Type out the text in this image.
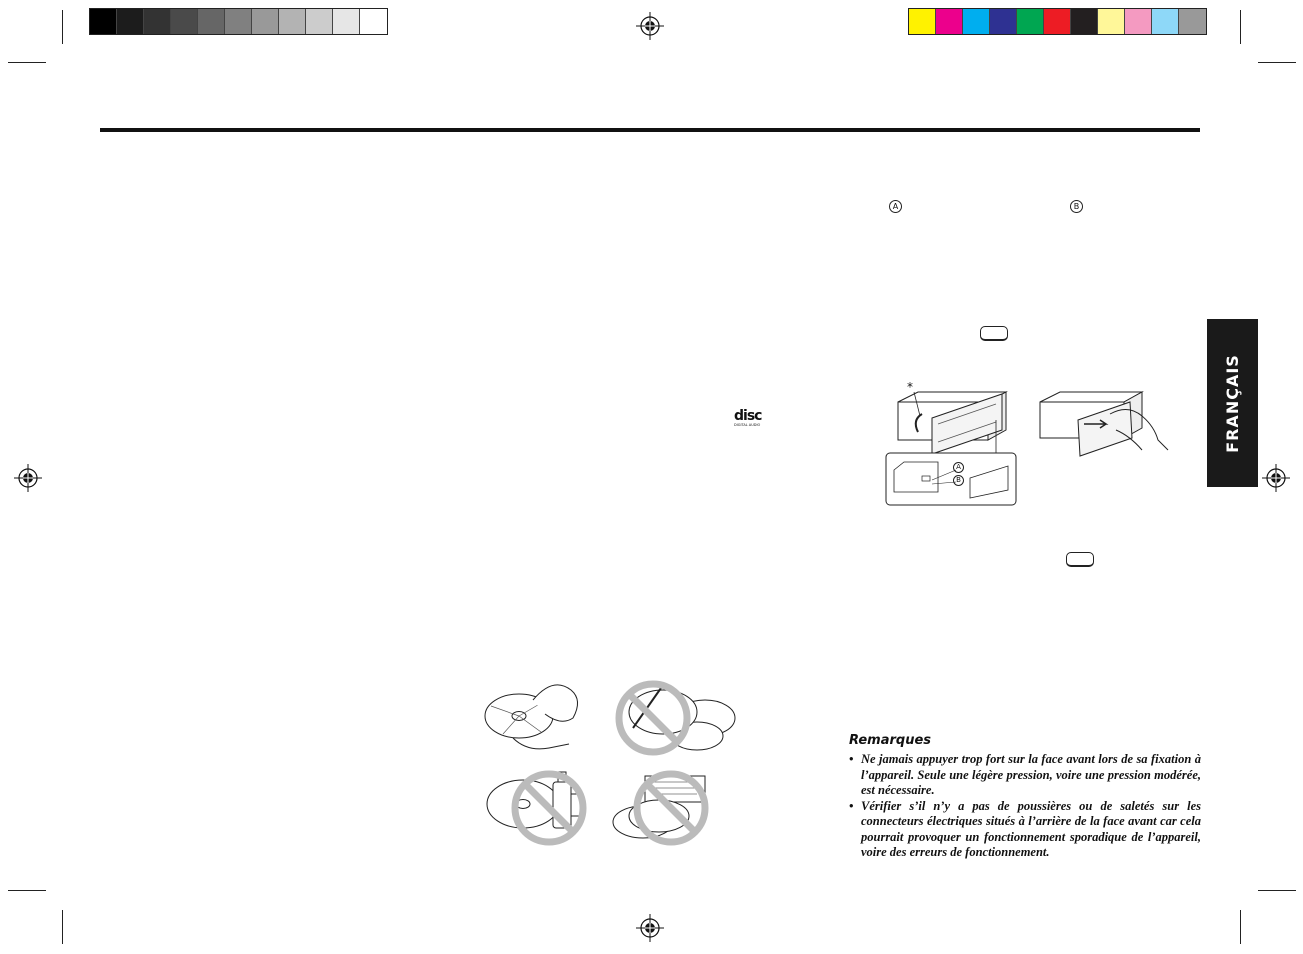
FRANÇAIS
A	B
disc
DIGITAL AUDIO
*
A
B

Remarques

• Ne jamais appuyer trop fort sur la face avant lors de sa fixation à l’appareil. Seule une légère pression, voire une pression modérée, est nécessaire.
• Vérifier s’il n’y a pas de poussières ou de saletés sur les connecteurs électriques situés à l’arrière de la face avant car cela pourrait provoquer un fonctionnement sporadique de l’appareil, voire des erreurs de fonctionnement.
